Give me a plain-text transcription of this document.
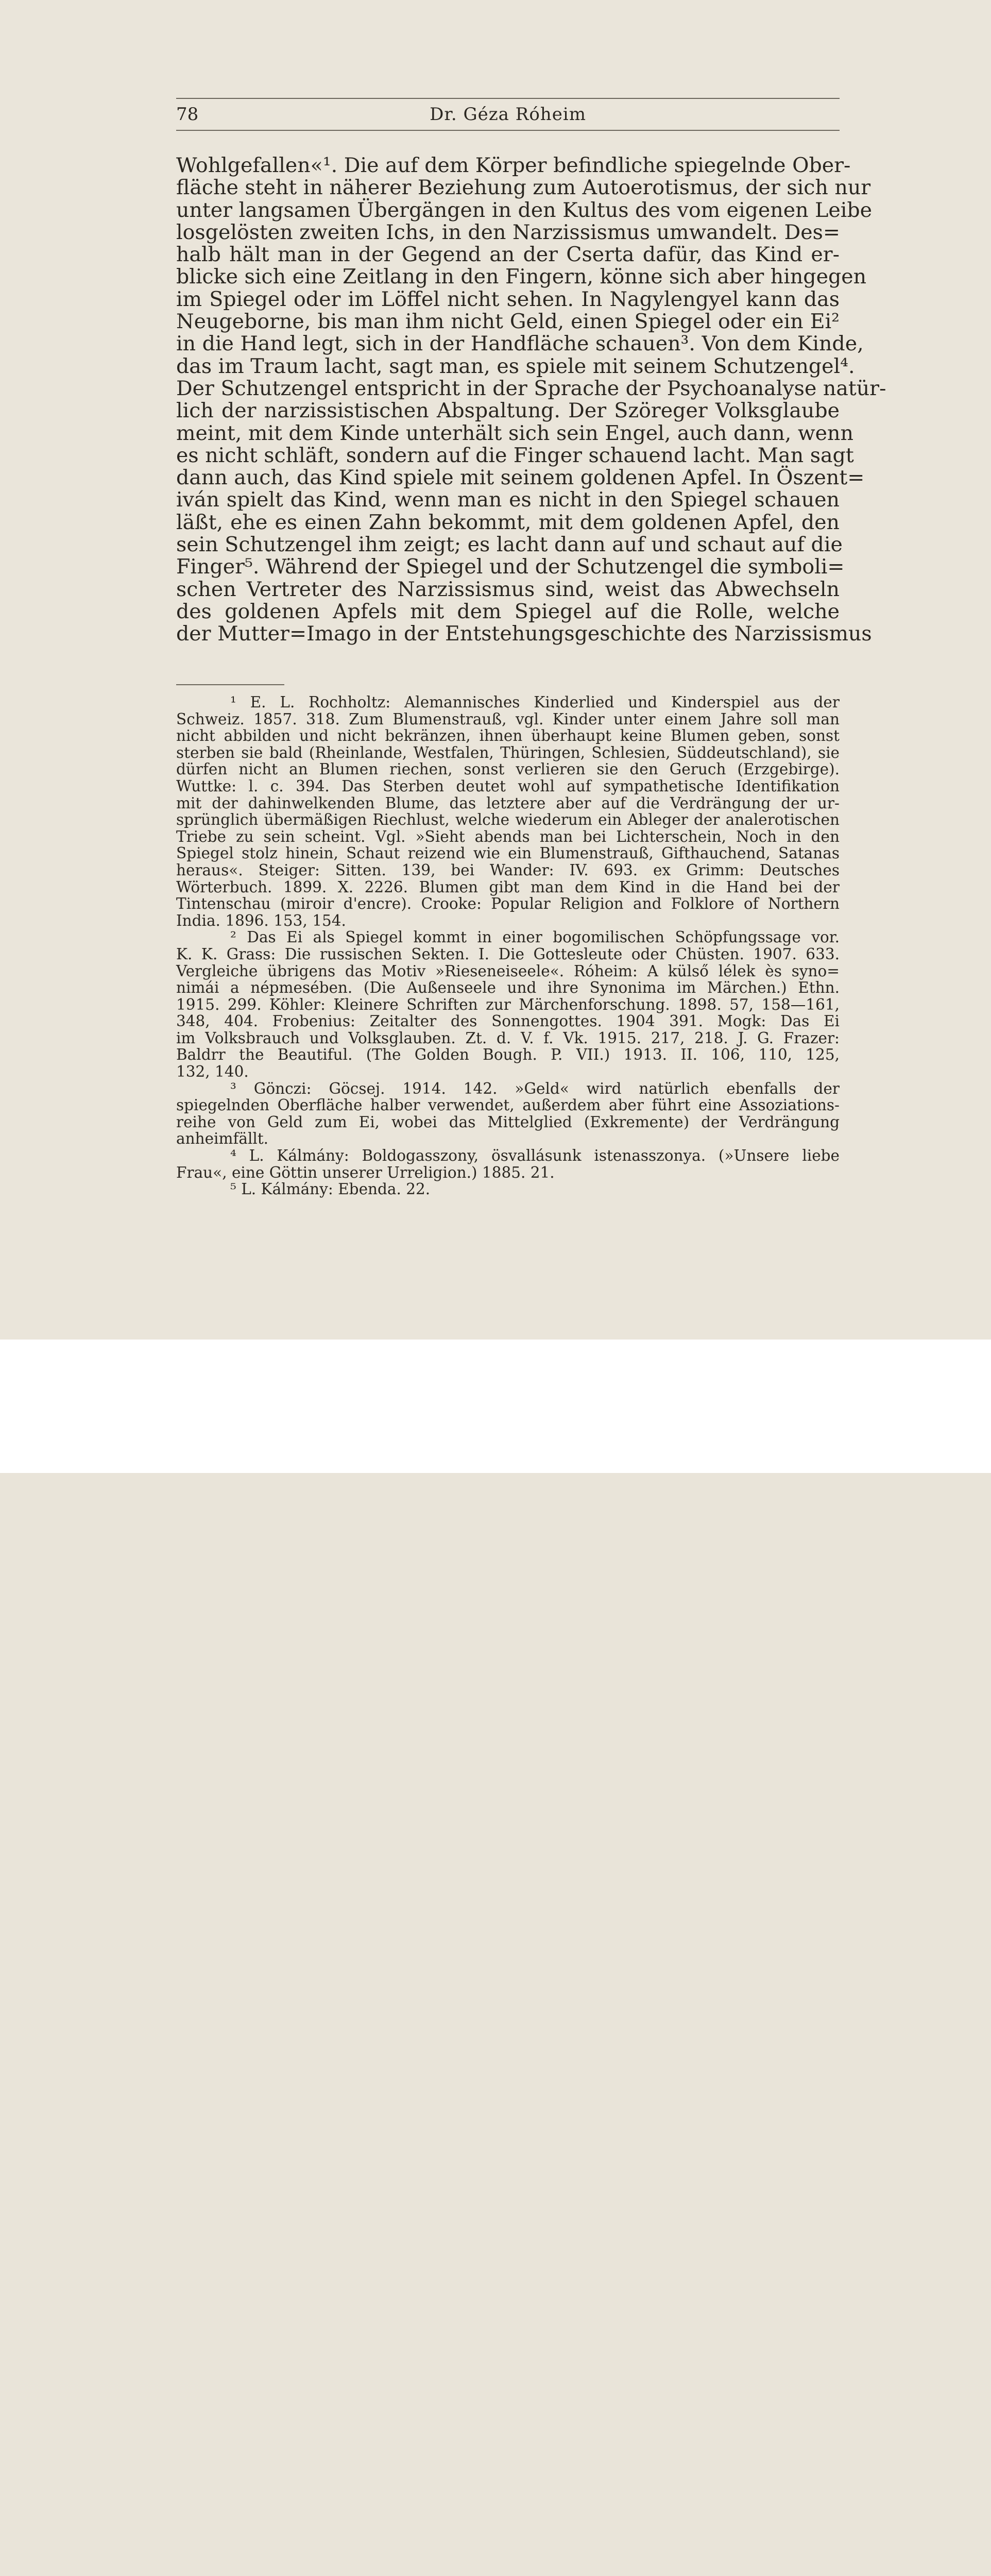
78	Dr. Géza Róheim
Wohlgefallen«¹. Die auf dem Körper befindliche spiegelnde Ober-
fläche steht in näherer Beziehung zum Autoerotismus, der sich nur
unter langsamen Übergängen in den Kultus des vom eigenen Leibe
losgelösten zweiten Ichs, in den Narzissismus umwandelt. Des=
halb hält man in der Gegend an der Cserta dafür, das Kind er-
blicke sich eine Zeitlang in den Fingern, könne sich aber hingegen
im Spiegel oder im Löffel nicht sehen. In Nagylengyel kann das
Neugeborne, bis man ihm nicht Geld, einen Spiegel oder ein Ei²
in die Hand legt, sich in der Handfläche schauen³. Von dem Kinde,
das im Traum lacht, sagt man, es spiele mit seinem Schutzengel⁴.
Der Schutzengel entspricht in der Sprache der Psychoanalyse natür-
lich der narzissistischen Abspaltung. Der Szöreger Volksglaube
meint, mit dem Kinde unterhält sich sein Engel, auch dann, wenn
es nicht schläft, sondern auf die Finger schauend lacht. Man sagt
dann auch, das Kind spiele mit seinem goldenen Apfel. In Öszent=
iván spielt das Kind, wenn man es nicht in den Spiegel schauen
läßt, ehe es einen Zahn bekommt, mit dem goldenen Apfel, den
sein Schutzengel ihm zeigt; es lacht dann auf und schaut auf die
Finger⁵. Während der Spiegel und der Schutzengel die symboli=
schen Vertreter des Narzissismus sind, weist das Abwechseln
des goldenen Apfels mit dem Spiegel auf die Rolle, welche
der Mutter=Imago in der Entstehungsgeschichte des Narzissismus
¹ E. L. Rochholtz: Alemannisches Kinderlied und Kinderspiel aus der
Schweiz. 1857. 318. Zum Blumenstrauß, vgl. Kinder unter einem Jahre soll man
nicht abbilden und nicht bekränzen, ihnen überhaupt keine Blumen geben, sonst
sterben sie bald (Rheinlande, Westfalen, Thüringen, Schlesien, Süddeutschland), sie
dürfen nicht an Blumen riechen, sonst verlieren sie den Geruch (Erzgebirge).
Wuttke: l. c. 394. Das Sterben deutet wohl auf sympathetische Identifikation
mit der dahinwelkenden Blume, das letztere aber auf die Verdrängung der ur-
sprünglich übermäßigen Riechlust, welche wiederum ein Ableger der analerotischen
Triebe zu sein scheint. Vgl. »Sieht abends man bei Lichterschein, Noch in den
Spiegel stolz hinein, Schaut reizend wie ein Blumenstrauß, Gifthauchend, Satanas
heraus«. Steiger: Sitten. 139, bei Wander: IV. 693. ex Grimm: Deutsches
Wörterbuch. 1899. X. 2226. Blumen gibt man dem Kind in die Hand bei der
Tintenschau (miroir d'encre). Crooke: Popular Religion and Folklore of Northern
India. 1896. 153, 154.
² Das Ei als Spiegel kommt in einer bogomilischen Schöpfungssage vor.
K. K. Grass: Die russischen Sekten. I. Die Gottesleute oder Chüsten. 1907. 633.
Vergleiche übrigens das Motiv »Rieseneiseele«. Róheim: A külső lélek ès syno=
nimái a népmesében. (Die Außenseele und ihre Synonima im Märchen.) Ethn.
1915. 299. Köhler: Kleinere Schriften zur Märchenforschung. 1898. 57, 158—161,
348, 404. Frobenius: Zeitalter des Sonnengottes. 1904 391. Mogk: Das Ei
im Volksbrauch und Volksglauben. Zt. d. V. f. Vk. 1915. 217, 218. J. G. Frazer:
Baldrr the Beautiful. (The Golden Bough. P. VII.) 1913. II. 106, 110, 125,
132, 140.
³ Gönczi: Göcsej. 1914. 142. »Geld« wird natürlich ebenfalls der
spiegelnden Oberfläche halber verwendet, außerdem aber führt eine Assoziations-
reihe von Geld zum Ei, wobei das Mittelglied (Exkremente) der Verdrängung
anheimfällt.
⁴ L. Kálmány: Boldogasszony, ösvallásunk istenasszonya. (»Unsere liebe
Frau«, eine Göttin unserer Urreligion.) 1885. 21.
⁵ L. Kálmány: Ebenda. 22.
